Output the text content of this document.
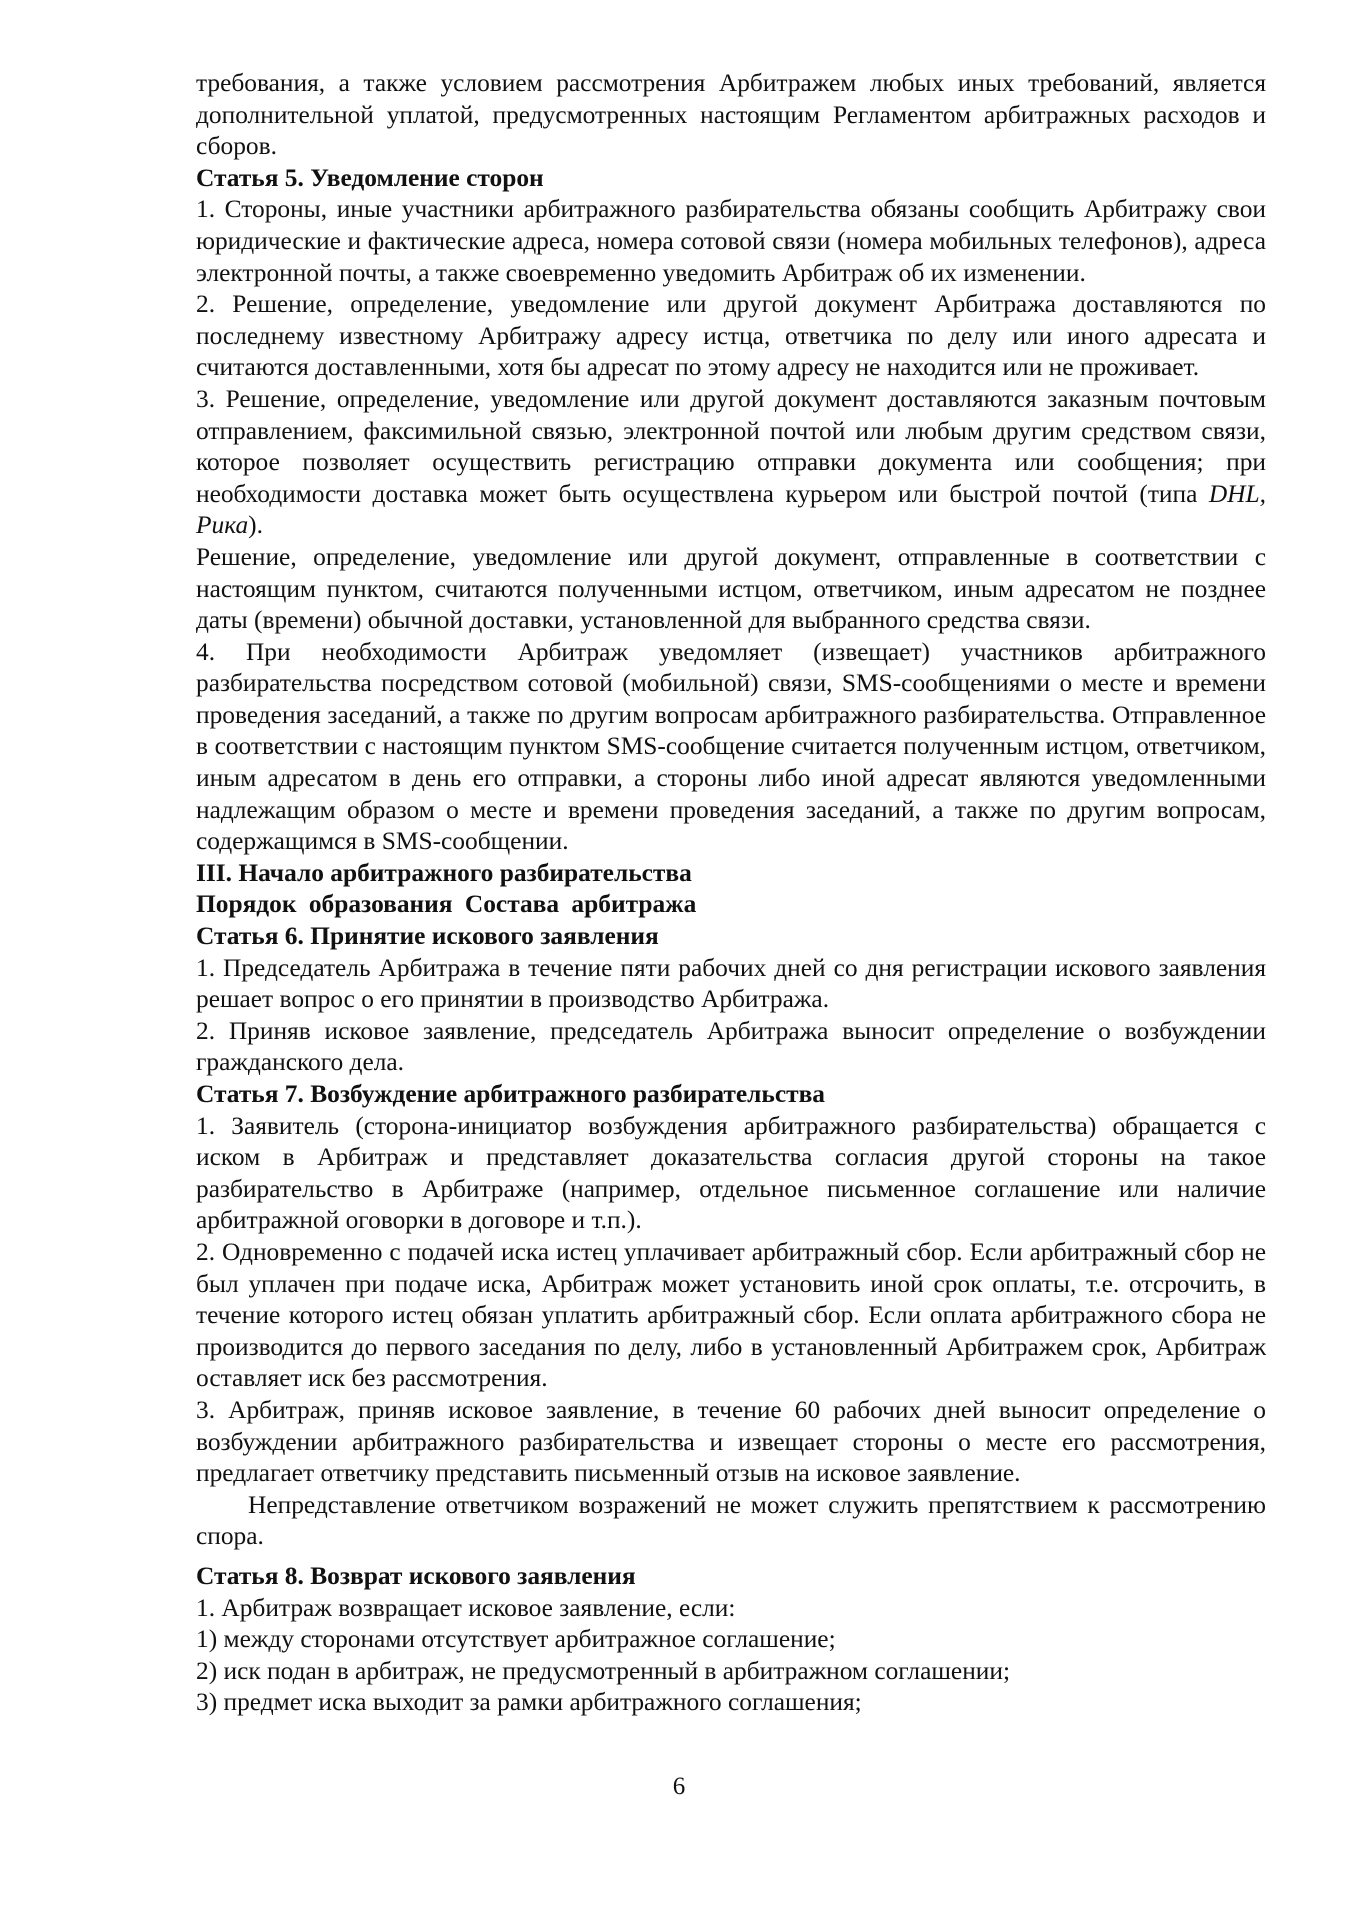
требования, а также условием рассмотрения Арбитражем любых иных требований, является дополнительной уплатой, предусмотренных настоящим Регламентом арбитражных расходов и сборов.

Статья 5. Уведомление сторон

1. Стороны, иные участники арбитражного разбирательства обязаны сообщить Арбитражу свои юридические и фактические адреса, номера сотовой связи (номера мобильных телефонов), адреса электронной почты, а также своевременно уведомить Арбитраж об их изменении.

2. Решение, определение, уведомление или другой документ Арбитража доставляются по последнему известному Арбитражу адресу истца, ответчика по делу или иного адресата и считаются доставленными, хотя бы адресат по этому адресу не находится или не проживает.

3. Решение, определение, уведомление или другой документ доставляются заказным почтовым отправлением, факсимильной связью, электронной почтой или любым другим средством связи, которое позволяет осуществить регистрацию отправки документа или сообщения; при необходимости доставка может быть осуществлена курьером или быстрой почтой (типа DHL, Рика).

Решение, определение, уведомление или другой документ, отправленные в соответствии с настоящим пунктом, считаются полученными истцом, ответчиком, иным адресатом не позднее даты (времени) обычной доставки, установленной для выбранного средства связи.

4. При необходимости Арбитраж уведомляет (извещает) участников арбитражного разбирательства посредством сотовой (мобильной) связи, SMS-сообщениями о месте и времени проведения заседаний, а также по другим вопросам арбитражного разбирательства. Отправленное в соответствии с настоящим пунктом SMS-сообщение считается полученным истцом, ответчиком, иным адресатом в день его отправки, а стороны либо иной адресат являются уведомленными надлежащим образом о месте и времени проведения заседаний, а также по другим вопросам, содержащимся в SMS-сообщении.

III. Начало арбитражного разбирательства

Порядок образования Состава арбитража

Статья 6. Принятие искового заявления

1. Председатель Арбитража в течение пяти рабочих дней со дня регистрации искового заявления решает вопрос о его принятии в производство Арбитража.

2. Приняв исковое заявление, председатель Арбитража выносит определение о возбуждении гражданского дела.

Статья 7. Возбуждение арбитражного разбирательства

1. Заявитель (сторона-инициатор возбуждения арбитражного разбирательства) обращается с иском в Арбитраж и представляет доказательства согласия другой стороны на такое разбирательство в Арбитраже (например, отдельное письменное соглашение или наличие арбитражной оговорки в договоре и т.п.).

2. Одновременно с подачей иска истец уплачивает арбитражный сбор. Если арбитражный сбор не был уплачен при подаче иска, Арбитраж может установить иной срок оплаты, т.е. отсрочить, в течение которого истец обязан уплатить арбитражный сбор. Если оплата арбитражного сбора не производится до первого заседания по делу, либо в установленный Арбитражем срок, Арбитраж оставляет иск без рассмотрения.

3. Арбитраж, приняв исковое заявление, в течение 60 рабочих дней выносит определение о возбуждении арбитражного разбирательства и извещает стороны о месте его рассмотрения, предлагает ответчику представить письменный отзыв на исковое заявление.

Непредставление ответчиком возражений не может служить препятствием к рассмотрению спора.

Статья 8. Возврат искового заявления

1. Арбитраж возвращает исковое заявление, если:

1) между сторонами отсутствует арбитражное соглашение;

2) иск подан в арбитраж, не предусмотренный в арбитражном соглашении;

3) предмет иска выходит за рамки арбитражного соглашения;

6
